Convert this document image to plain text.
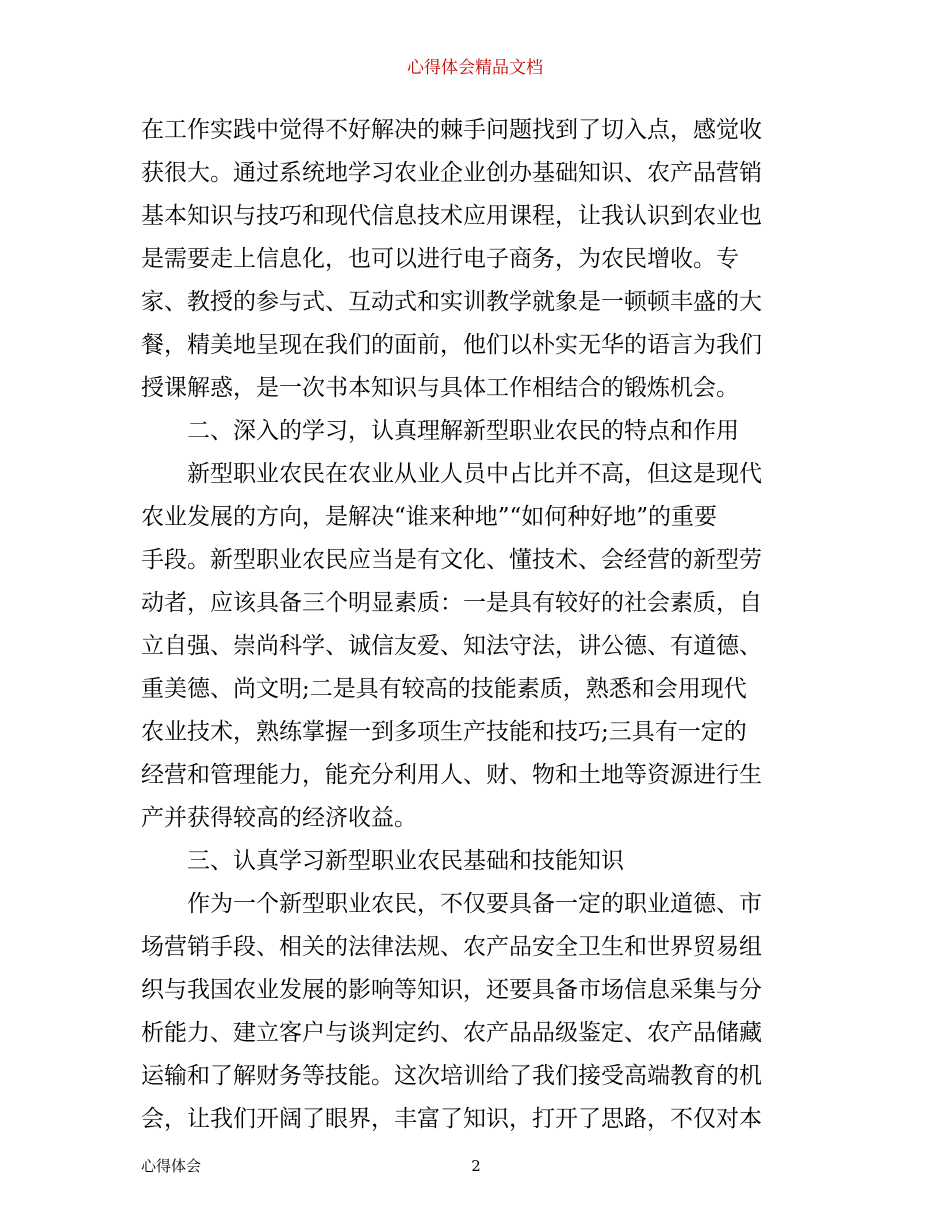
心得体会精品文档
在工作实践中觉得不好解决的棘手问题找到了切入点，感觉收
获很大。通过系统地学习农业企业创办基础知识、农产品营销
基本知识与技巧和现代信息技术应用课程，让我认识到农业也
是需要走上信息化，也可以进行电子商务，为农民增收。专
家、教授的参与式、互动式和实训教学就象是一顿顿丰盛的大
餐，精美地呈现在我们的面前，他们以朴实无华的语言为我们
授课解惑，是一次书本知识与具体工作相结合的锻炼机会。
二、深入的学习，认真理解新型职业农民的特点和作用
新型职业农民在农业从业人员中占比并不高，但这是现代
农业发展的方向，是解决“谁来种地”“如何种好地”的重要
手段。新型职业农民应当是有文化、懂技术、会经营的新型劳
动者，应该具备三个明显素质：一是具有较好的社会素质，自
立自强、崇尚科学、诚信友爱、知法守法，讲公德、有道德、
重美德、尚文明;二是具有较高的技能素质，熟悉和会用现代
农业技术，熟练掌握一到多项生产技能和技巧;三具有一定的
经营和管理能力，能充分利用人、财、物和土地等资源进行生
产并获得较高的经济收益。
三、认真学习新型职业农民基础和技能知识
作为一个新型职业农民，不仅要具备一定的职业道德、市
场营销手段、相关的法律法规、农产品安全卫生和世界贸易组
织与我国农业发展的影响等知识，还要具备市场信息采集与分
析能力、建立客户与谈判定约、农产品品级鉴定、农产品储藏
运输和了解财务等技能。这次培训给了我们接受高端教育的机
会，让我们开阔了眼界，丰富了知识，打开了思路，不仅对本
心得体会	2
